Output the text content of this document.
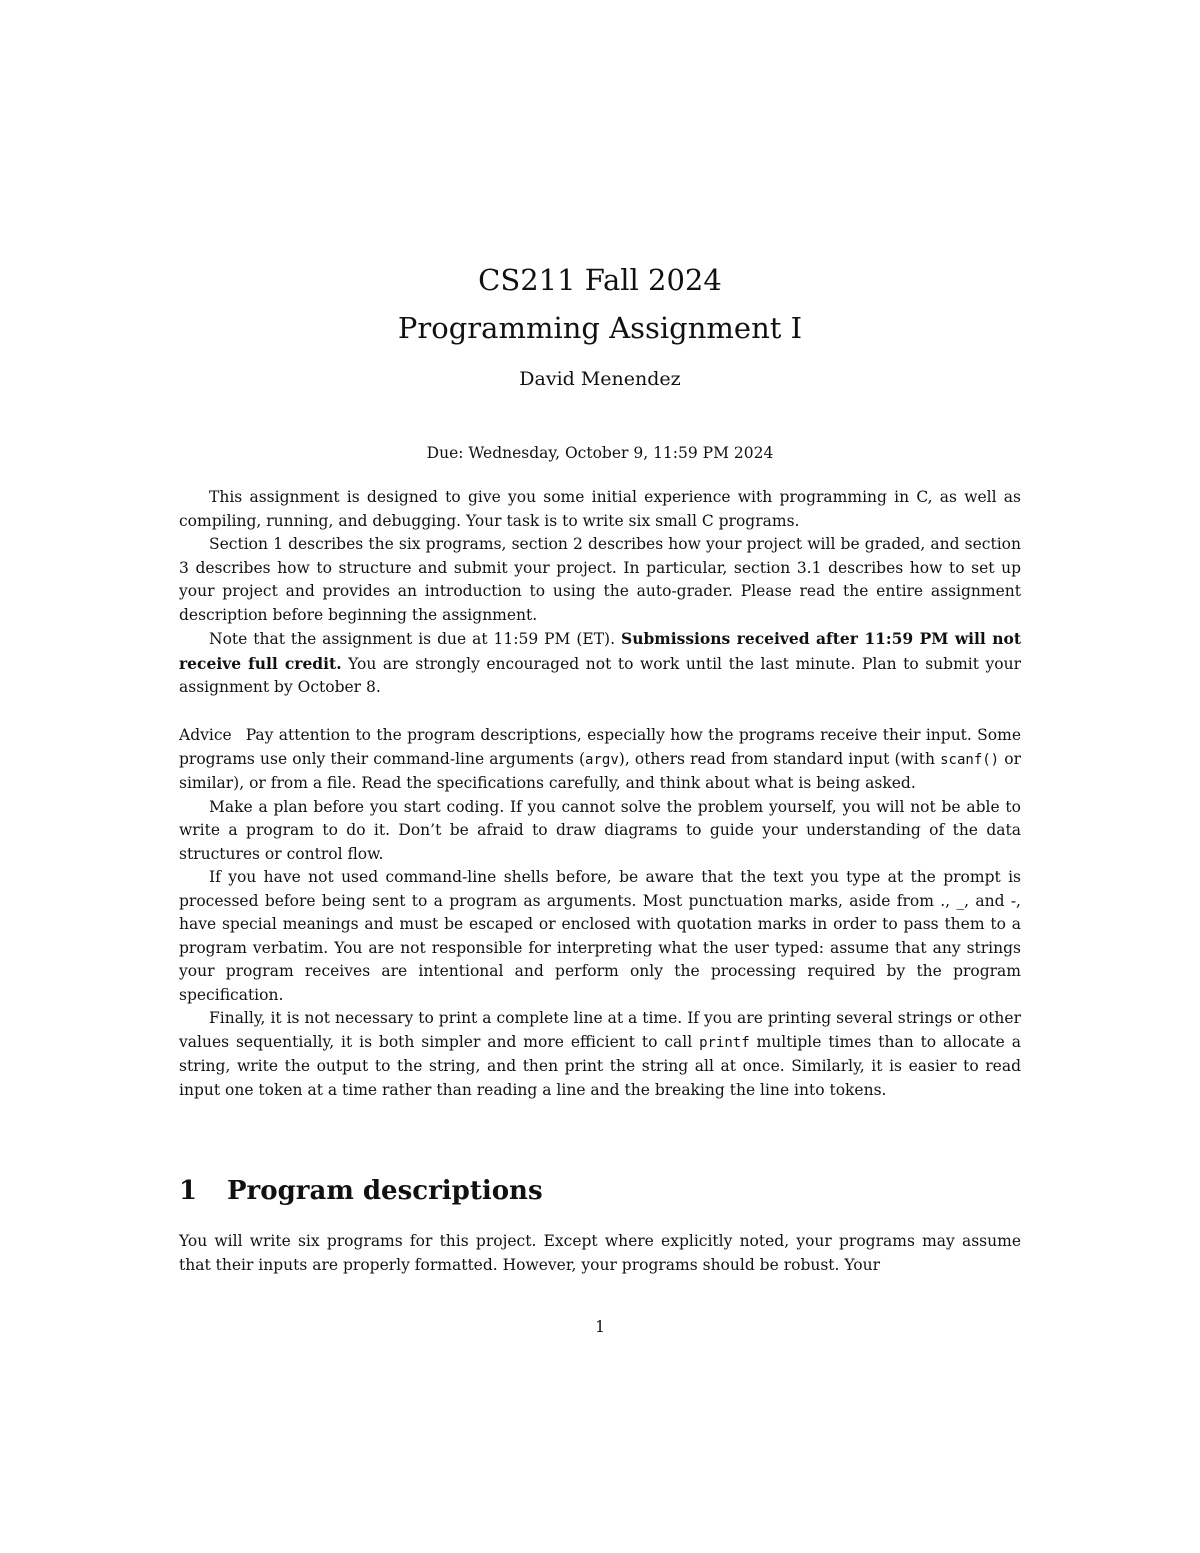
CS211 Fall 2024
Programming Assignment I
David Menendez
Due: Wednesday, October 9, 11:59 PM 2024

This assignment is designed to give you some initial experience with programming in C, as well as compiling, running, and debugging. Your task is to write six small C programs.

Section 1 describes the six programs, section 2 describes how your project will be graded, and section 3 describes how to structure and submit your project. In particular, section 3.1 describes how to set up your project and provides an introduction to using the auto-grader. Please read the entire assignment description before beginning the assignment.

Note that the assignment is due at 11:59 PM (ET). Submissions received after 11:59 PM will not receive full credit. You are strongly encouraged not to work until the last minute. Plan to submit your assignment by October 8.

Advice Pay attention to the program descriptions, especially how the programs receive their input. Some programs use only their command-line arguments (argv), others read from standard input (with scanf() or similar), or from a file. Read the specifications carefully, and think about what is being asked.

Make a plan before you start coding. If you cannot solve the problem yourself, you will not be able to write a program to do it. Don’t be afraid to draw diagrams to guide your understanding of the data structures or control flow.

If you have not used command-line shells before, be aware that the text you type at the prompt is processed before being sent to a program as arguments. Most punctuation marks, aside from ., _, and -, have special meanings and must be escaped or enclosed with quotation marks in order to pass them to a program verbatim. You are not responsible for interpreting what the user typed: assume that any strings your program receives are intentional and perform only the processing required by the program specification.

Finally, it is not necessary to print a complete line at a time. If you are printing several strings or other values sequentially, it is both simpler and more efficient to call printf multiple times than to allocate a string, write the output to the string, and then print the string all at once. Similarly, it is easier to read input one token at a time rather than reading a line and the breaking the line into tokens.

1 Program descriptions

You will write six programs for this project. Except where explicitly noted, your programs may assume that their inputs are properly formatted. However, your programs should be robust. Your

1
